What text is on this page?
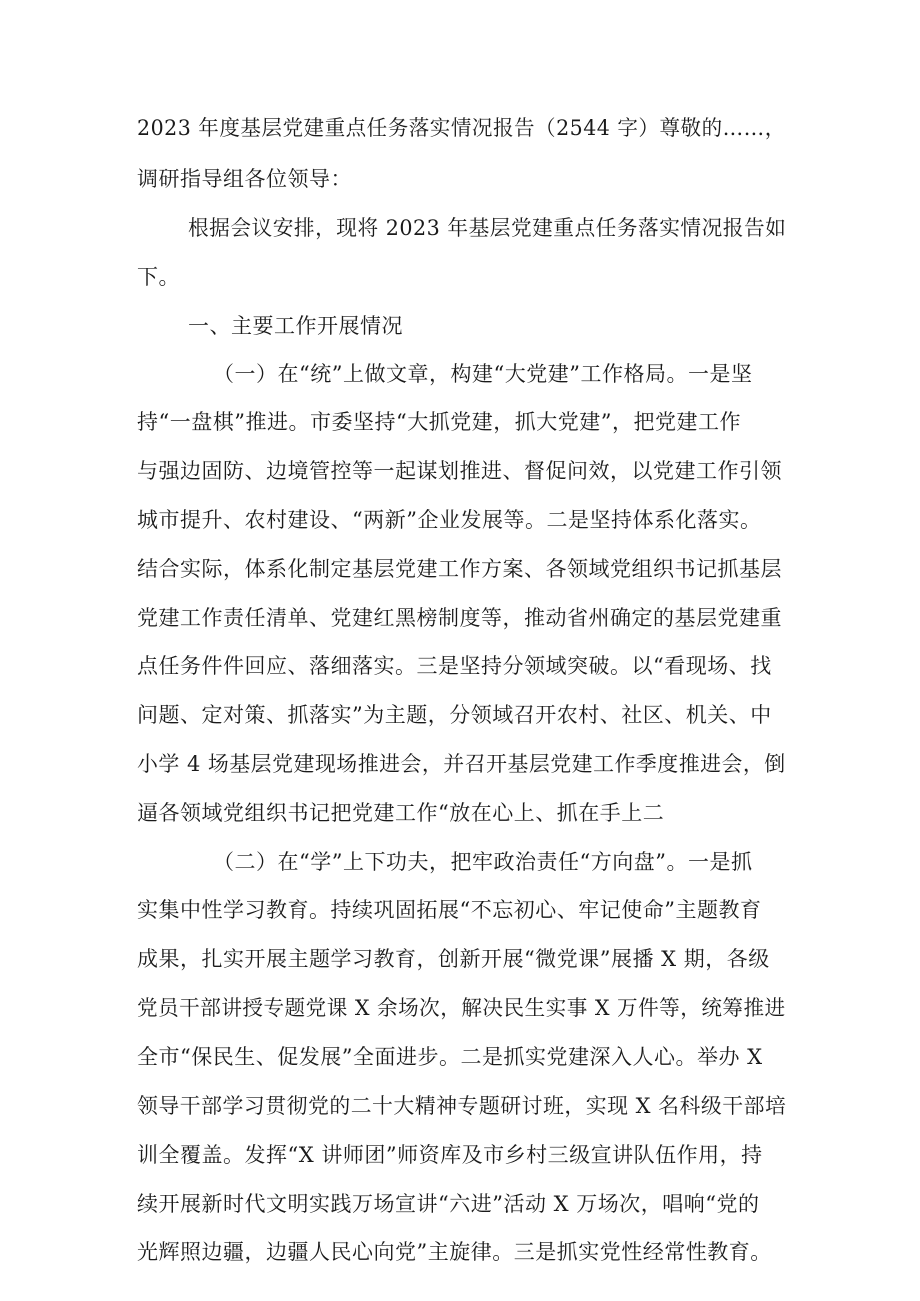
2023 年度基层党建重点任务落实情况报告（2544 字）尊敬的……，
调研指导组各位领导：
根据会议安排，现将 2023 年基层党建重点任务落实情况报告如
下。
一、主要工作开展情况
（一）在“统”上做文章，构建“大党建”工作格局。一是坚
持“一盘棋”推进。市委坚持“大抓党建，抓大党建”，把党建工作
与强边固防、边境管控等一起谋划推进、督促问效，以党建工作引领
城市提升、农村建设、“两新”企业发展等。二是坚持体系化落实。
结合实际，体系化制定基层党建工作方案、各领域党组织书记抓基层
党建工作责任清单、党建红黑榜制度等，推动省州确定的基层党建重
点任务件件回应、落细落实。三是坚持分领域突破。以“看现场、找
问题、定对策、抓落实”为主题，分领域召开农村、社区、机关、中
小学 4 场基层党建现场推进会，并召开基层党建工作季度推进会，倒
逼各领域党组织书记把党建工作“放在心上、抓在手上二
（二）在“学”上下功夫，把牢政治责任“方向盘”。一是抓
实集中性学习教育。持续巩固拓展“不忘初心、牢记使命”主题教育
成果，扎实开展主题学习教育，创新开展“微党课”展播 X 期，各级
党员干部讲授专题党课 X 余场次，解决民生实事 X 万件等，统筹推进
全市“保民生、促发展”全面进步。二是抓实党建深入人心。举办 X
领导干部学习贯彻党的二十大精神专题研讨班，实现 X 名科级干部培
训全覆盖。发挥“X 讲师团”师资库及市乡村三级宣讲队伍作用，持
续开展新时代文明实践万场宣讲“六进”活动 X 万场次，唱响“党的
光辉照边疆，边疆人民心向党”主旋律。三是抓实党性经常性教育。
